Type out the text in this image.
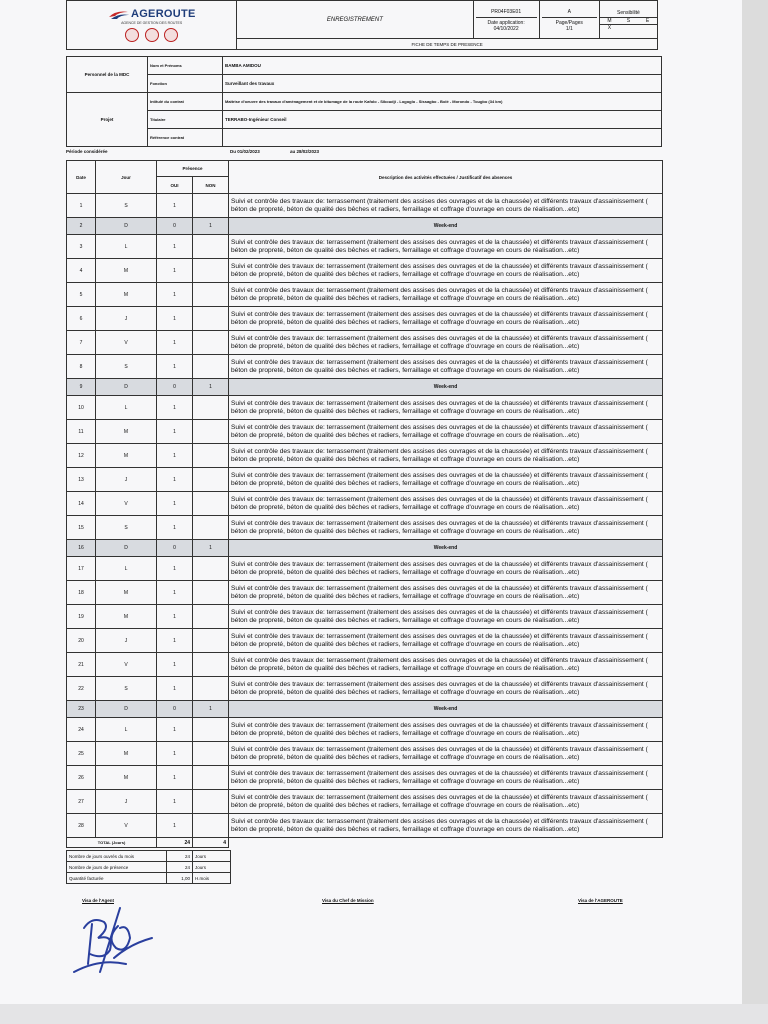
AGEROUTE
AGENCE DE GESTION DES ROUTES

	ENREGISTREMENT	
PR04F03E01
Date application:
04/10/2022

A
Page/Pages
1/1

Sensibilité
M	S	E
X

FICHE DE TEMPS DE PRESENCE
Personnel de la MDC	Nom et Prénoms	BAMBA AMIDOU
	Fonction	Surveillant des travaux
Projet	Intitulé du contrat	Maitrise d'oeuvre des travaux d'aménagement et de bitumage de la route Kafolo - Sikoudji - Logoglo - Sissagbo - Bolé - Morondo - Tougbo (34 km)
	Titulaire	TERRABO-Ingénieur Conseil
	Référence contrat	
Période considérée	Du 01/02/2023	au 28/02/2023
Date	Jour	Présence		Description des activités effectuées / Justificatif des absences
		OUI	NON	
1	S	1		Suivi et contrôle des travaux de: terrassement (traitement des assises des ouvrages et de la chaussée) et différents travaux d'assainissement ( béton de propreté, béton de qualité des bêches et radiers, ferraillage et coffrage d'ouvrage en cours de réalisation...etc)
2	D	0	1	Week-end
3	L	1		Suivi et contrôle des travaux de: terrassement (traitement des assises des ouvrages et de la chaussée) et différents travaux d'assainissement ( béton de propreté, béton de qualité des bêches et radiers, ferraillage et coffrage d'ouvrage en cours de réalisation...etc)
4	M	1		Suivi et contrôle des travaux de: terrassement (traitement des assises des ouvrages et de la chaussée) et différents travaux d'assainissement ( béton de propreté, béton de qualité des bêches et radiers, ferraillage et coffrage d'ouvrage en cours de réalisation...etc)
5	M	1		Suivi et contrôle des travaux de: terrassement (traitement des assises des ouvrages et de la chaussée) et différents travaux d'assainissement ( béton de propreté, béton de qualité des bêches et radiers, ferraillage et coffrage d'ouvrage en cours de réalisation...etc)
6	J	1		Suivi et contrôle des travaux de: terrassement (traitement des assises des ouvrages et de la chaussée) et différents travaux d'assainissement ( béton de propreté, béton de qualité des bêches et radiers, ferraillage et coffrage d'ouvrage en cours de réalisation...etc)
7	V	1		Suivi et contrôle des travaux de: terrassement (traitement des assises des ouvrages et de la chaussée) et différents travaux d'assainissement ( béton de propreté, béton de qualité des bêches et radiers, ferraillage et coffrage d'ouvrage en cours de réalisation...etc)
8	S	1		Suivi et contrôle des travaux de: terrassement (traitement des assises des ouvrages et de la chaussée) et différents travaux d'assainissement ( béton de propreté, béton de qualité des bêches et radiers, ferraillage et coffrage d'ouvrage en cours de réalisation...etc)
9	D	0	1	Week-end
10	L	1		Suivi et contrôle des travaux de: terrassement (traitement des assises des ouvrages et de la chaussée) et différents travaux d'assainissement ( béton de propreté, béton de qualité des bêches et radiers, ferraillage et coffrage d'ouvrage en cours de réalisation...etc)
11	M	1		Suivi et contrôle des travaux de: terrassement (traitement des assises des ouvrages et de la chaussée) et différents travaux d'assainissement ( béton de propreté, béton de qualité des bêches et radiers, ferraillage et coffrage d'ouvrage en cours de réalisation...etc)
12	M	1		Suivi et contrôle des travaux de: terrassement (traitement des assises des ouvrages et de la chaussée) et différents travaux d'assainissement ( béton de propreté, béton de qualité des bêches et radiers, ferraillage et coffrage d'ouvrage en cours de réalisation...etc)
13	J	1		Suivi et contrôle des travaux de: terrassement (traitement des assises des ouvrages et de la chaussée) et différents travaux d'assainissement ( béton de propreté, béton de qualité des bêches et radiers, ferraillage et coffrage d'ouvrage en cours de réalisation...etc)
14	V	1		Suivi et contrôle des travaux de: terrassement (traitement des assises des ouvrages et de la chaussée) et différents travaux d'assainissement ( béton de propreté, béton de qualité des bêches et radiers, ferraillage et coffrage d'ouvrage en cours de réalisation...etc)
15	S	1		Suivi et contrôle des travaux de: terrassement (traitement des assises des ouvrages et de la chaussée) et différents travaux d'assainissement ( béton de propreté, béton de qualité des bêches et radiers, ferraillage et coffrage d'ouvrage en cours de réalisation...etc)
16	D	0	1	Week-end
17	L	1		Suivi et contrôle des travaux de: terrassement (traitement des assises des ouvrages et de la chaussée) et différents travaux d'assainissement ( béton de propreté, béton de qualité des bêches et radiers, ferraillage et coffrage d'ouvrage en cours de réalisation...etc)
18	M	1		Suivi et contrôle des travaux de: terrassement (traitement des assises des ouvrages et de la chaussée) et différents travaux d'assainissement ( béton de propreté, béton de qualité des bêches et radiers, ferraillage et coffrage d'ouvrage en cours de réalisation...etc)
19	M	1		Suivi et contrôle des travaux de: terrassement (traitement des assises des ouvrages et de la chaussée) et différents travaux d'assainissement ( béton de propreté, béton de qualité des bêches et radiers, ferraillage et coffrage d'ouvrage en cours de réalisation...etc)
20	J	1		Suivi et contrôle des travaux de: terrassement (traitement des assises des ouvrages et de la chaussée) et différents travaux d'assainissement ( béton de propreté, béton de qualité des bêches et radiers, ferraillage et coffrage d'ouvrage en cours de réalisation...etc)
21	V	1		Suivi et contrôle des travaux de: terrassement (traitement des assises des ouvrages et de la chaussée) et différents travaux d'assainissement ( béton de propreté, béton de qualité des bêches et radiers, ferraillage et coffrage d'ouvrage en cours de réalisation...etc)
22	S	1		Suivi et contrôle des travaux de: terrassement (traitement des assises des ouvrages et de la chaussée) et différents travaux d'assainissement ( béton de propreté, béton de qualité des bêches et radiers, ferraillage et coffrage d'ouvrage en cours de réalisation...etc)
23	D	0	1	Week-end
24	L	1		Suivi et contrôle des travaux de: terrassement (traitement des assises des ouvrages et de la chaussée) et différents travaux d'assainissement ( béton de propreté, béton de qualité des bêches et radiers, ferraillage et coffrage d'ouvrage en cours de réalisation...etc)
25	M	1		Suivi et contrôle des travaux de: terrassement (traitement des assises des ouvrages et de la chaussée) et différents travaux d'assainissement ( béton de propreté, béton de qualité des bêches et radiers, ferraillage et coffrage d'ouvrage en cours de réalisation...etc)
26	M	1		Suivi et contrôle des travaux de: terrassement (traitement des assises des ouvrages et de la chaussée) et différents travaux d'assainissement ( béton de propreté, béton de qualité des bêches et radiers, ferraillage et coffrage d'ouvrage en cours de réalisation...etc)
27	J	1		Suivi et contrôle des travaux de: terrassement (traitement des assises des ouvrages et de la chaussée) et différents travaux d'assainissement ( béton de propreté, béton de qualité des bêches et radiers, ferraillage et coffrage d'ouvrage en cours de réalisation...etc)
28	V	1		Suivi et contrôle des travaux de: terrassement (traitement des assises des ouvrages et de la chaussée) et différents travaux d'assainissement ( béton de propreté, béton de qualité des bêches et radiers, ferraillage et coffrage d'ouvrage en cours de réalisation...etc)
TOTAL (Jours)		24	4	
Nombre de jours ouvrés du mois	24	Jours
Nombre de jours de présence	24	Jours
Quantité facturée	1,00	H.mois
Visa de l'Agent	Visa du Chef de Mission	Visa de l'AGEROUTE
